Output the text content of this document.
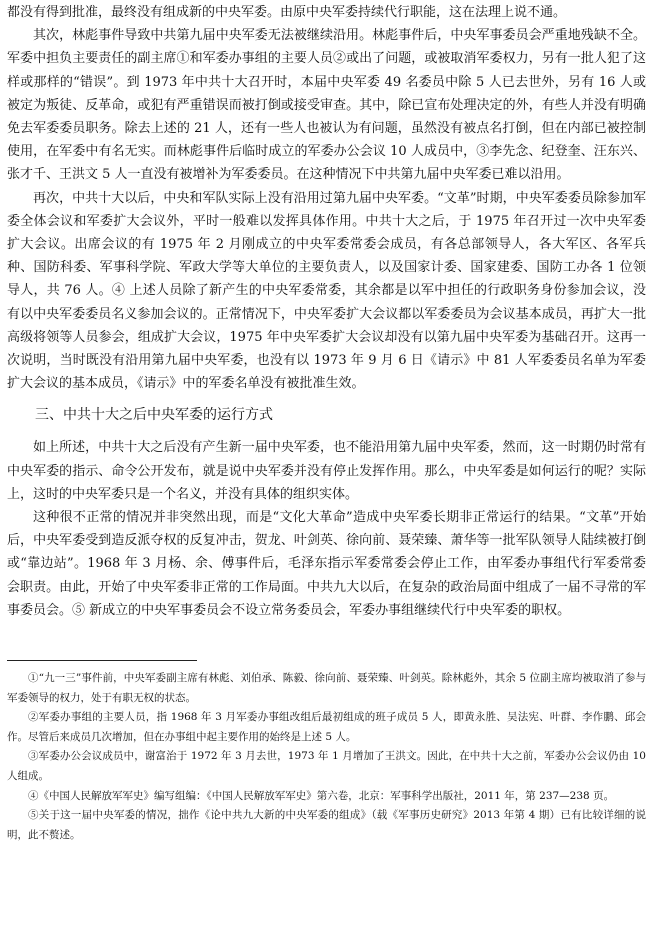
都没有得到批准，最终没有组成新的中央军委。由原中央军委持续代行职能，这在法理上说不通。

其次，林彪事件导致中共第九届中央军委无法被继续沿用。林彪事件后，中央军事委员会严重地残缺不全。军委中担负主要责任的副主席①和军委办事组的主要人员②或出了问题，或被取消军委权力，另有一批人犯了这样或那样的“错误”。到 1973 年中共十大召开时，本届中央军委 49 名委员中除 5 人已去世外，另有 16 人或被定为叛徒、反革命，或犯有严重错误而被打倒或接受审查。其中，除已宣布处理决定的外，有些人并没有明确免去军委委员职务。除去上述的 21 人，还有一些人也被认为有问题，虽然没有被点名打倒，但在内部已被控制使用，在军委中有名无实。而林彪事件后临时成立的军委办公会议 10 人成员中，③李先念、纪登奎、汪东兴、张才千、王洪文 5 人一直没有被增补为军委委员。在这种情况下中共第九届中央军委已难以沿用。

再次，中共十大以后，中央和军队实际上没有沿用过第九届中央军委。“文革”时期，中央军委委员除参加军委全体会议和军委扩大会议外，平时一般难以发挥具体作用。中共十大之后，于 1975 年召开过一次中央军委扩大会议。出席会议的有 1975 年 2 月刚成立的中央军委常委会成员，有各总部领导人，各大军区、各军兵种、国防科委、军事科学院、军政大学等大单位的主要负责人，以及国家计委、国家建委、国防工办各 1 位领导人，共 76 人。④ 上述人员除了新产生的中央军委常委，其余都是以军中担任的行政职务身份参加会议，没有以中央军委委员名义参加会议的。正常情况下，中央军委扩大会议都以军委委员为会议基本成员，再扩大一批高级将领等人员参会，组成扩大会议，1975 年中央军委扩大会议却没有以第九届中央军委为基础召开。这再一次说明，当时既没有沿用第九届中央军委，也没有以 1973 年 9 月 6 日《请示》中 81 人军委委员名单为军委扩大会议的基本成员，《请示》中的军委名单没有被批准生效。

三、中共十大之后中央军委的运行方式

如上所述，中共十大之后没有产生新一届中央军委，也不能沿用第九届中央军委，然而，这一时期仍时常有中央军委的指示、命令公开发布，就是说中央军委并没有停止发挥作用。那么，中央军委是如何运行的呢？实际上，这时的中央军委只是一个名义，并没有具体的组织实体。

这种很不正常的情况并非突然出现，而是“文化大革命”造成中央军委长期非正常运行的结果。“文革”开始后，中央军委受到造反派夺权的反复冲击，贺龙、叶剑英、徐向前、聂荣臻、萧华等一批军队领导人陆续被打倒或“靠边站”。1968 年 3 月杨、余、傅事件后，毛泽东指示军委常委会停止工作，由军委办事组代行军委常委会职责。由此，开始了中央军委非正常的工作局面。中共九大以后，在复杂的政治局面中组成了一届不寻常的军事委员会。⑤ 新成立的中央军事委员会不设立常务委员会，军委办事组继续代行中央军委的职权。

①“九一三”事件前，中央军委副主席有林彪、刘伯承、陈毅、徐向前、聂荣臻、叶剑英。除林彪外，其余 5 位副主席均被取消了参与军委领导的权力，处于有职无权的状态。

②军委办事组的主要人员，指 1968 年 3 月军委办事组改组后最初组成的班子成员 5 人，即黄永胜、吴法宪、叶群、李作鹏、邱会作。尽管后来成员几次增加，但在办事组中起主要作用的始终是上述 5 人。

③军委办公会议成员中，谢富治于 1972 年 3 月去世，1973 年 1 月增加了王洪文。因此，在中共十大之前，军委办公会议仍由 10 人组成。

④《中国人民解放军军史》编写组编：《中国人民解放军军史》第六卷，北京：军事科学出版社，2011 年，第 237—238 页。

⑤关于这一届中央军委的情况，拙作《论中共九大新的中央军委的组成》（载《军事历史研究》2013 年第 4 期）已有比较详细的说明，此不赘述。
